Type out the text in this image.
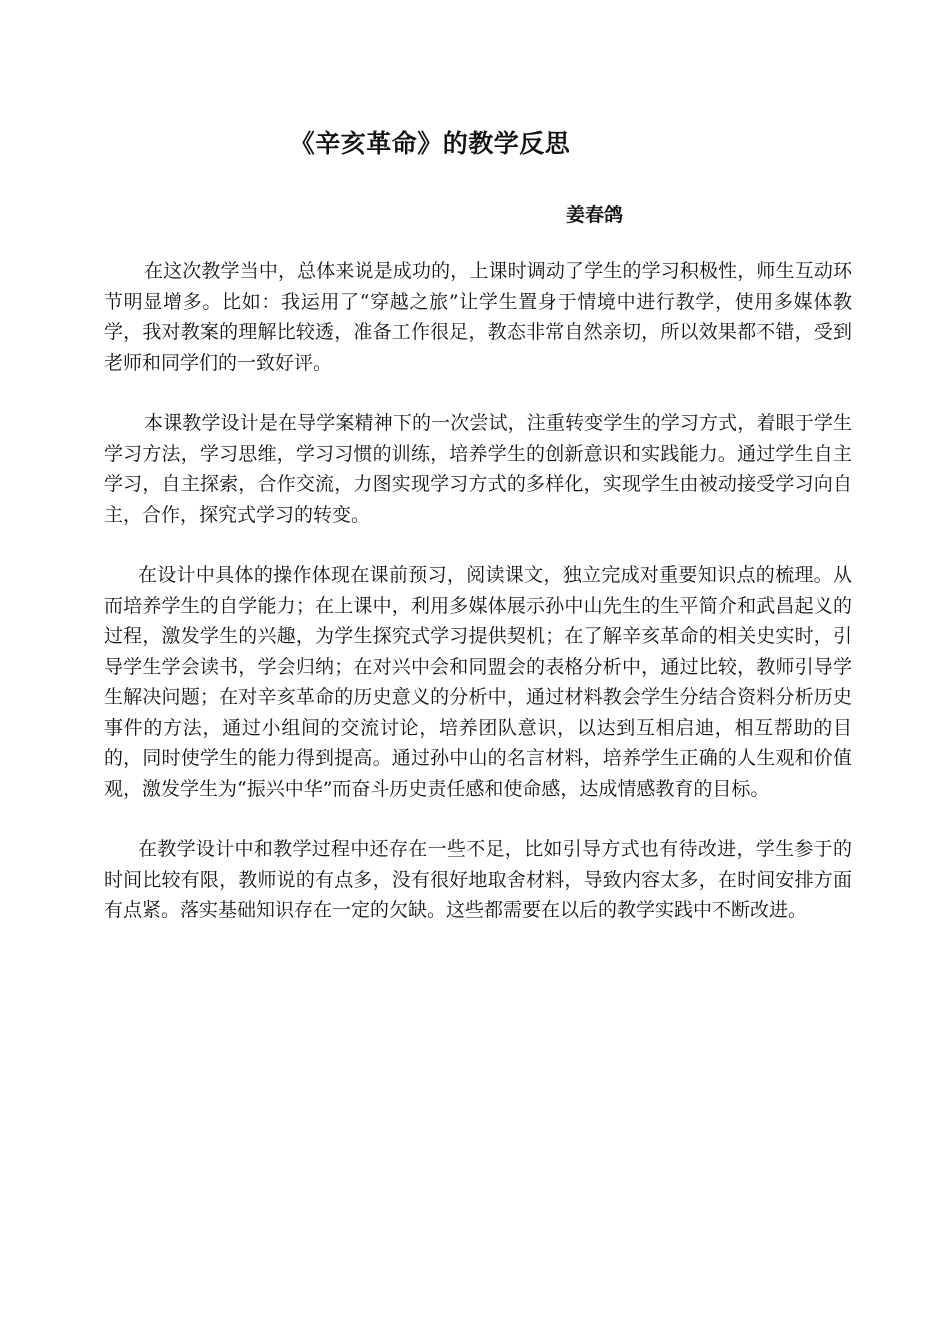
《辛亥革命》的教学反思
姜春鸽

在这次教学当中，总体来说是成功的，上课时调动了学生的学习积极性，师生互动环节明显增多。比如：我运用了“穿越之旅”让学生置身于情境中进行教学，使用多媒体教学，我对教案的理解比较透，准备工作很足，教态非常自然亲切，所以效果都不错，受到老师和同学们的一致好评。

本课教学设计是在导学案精神下的一次尝试，注重转变学生的学习方式，着眼于学生学习方法，学习思维，学习习惯的训练，培养学生的创新意识和实践能力。通过学生自主学习，自主探索，合作交流，力图实现学习方式的多样化，实现学生由被动接受学习向自主，合作，探究式学习的转变。

在设计中具体的操作体现在课前预习，阅读课文，独立完成对重要知识点的梳理。从而培养学生的自学能力；在上课中，利用多媒体展示孙中山先生的生平简介和武昌起义的过程，激发学生的兴趣，为学生探究式学习提供契机；在了解辛亥革命的相关史实时，引导学生学会读书，学会归纳；在对兴中会和同盟会的表格分析中，通过比较，教师引导学生解决问题；在对辛亥革命的历史意义的分析中，通过材料教会学生分结合资料分析历史事件的方法，通过小组间的交流讨论，培养团队意识，以达到互相启迪，相互帮助的目的，同时使学生的能力得到提高。通过孙中山的名言材料，培养学生正确的人生观和价值观，激发学生为“振兴中华”而奋斗历史责任感和使命感，达成情感教育的目标。

在教学设计中和教学过程中还存在一些不足，比如引导方式也有待改进，学生参于的时间比较有限，教师说的有点多，没有很好地取舍材料，导致内容太多，在时间安排方面有点紧。落实基础知识存在一定的欠缺。这些都需要在以后的教学实践中不断改进。
